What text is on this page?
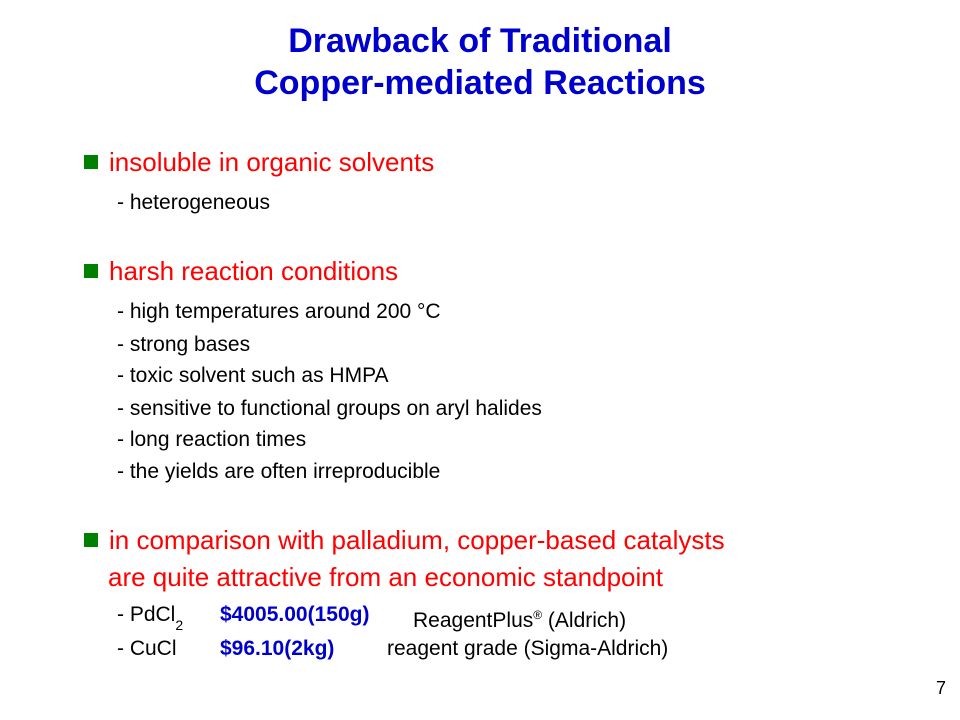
Drawback of Traditional
Copper-mediated Reactions
insoluble in organic solvents
- heterogeneous
harsh reaction conditions
- high temperatures around 200 °C
- strong bases
- toxic solvent such as HMPA
- sensitive to functional groups on aryl halides
- long reaction times
- the yields are often irreproducible
in comparison with palladium, copper-based catalysts
are quite attractive from an economic standpoint
- PdCl$_2$ $4005.00(150g) ReagentPlus® (Aldrich)
- CuCl $96.10(2kg)	reagent grade (Sigma-Aldrich)
7
